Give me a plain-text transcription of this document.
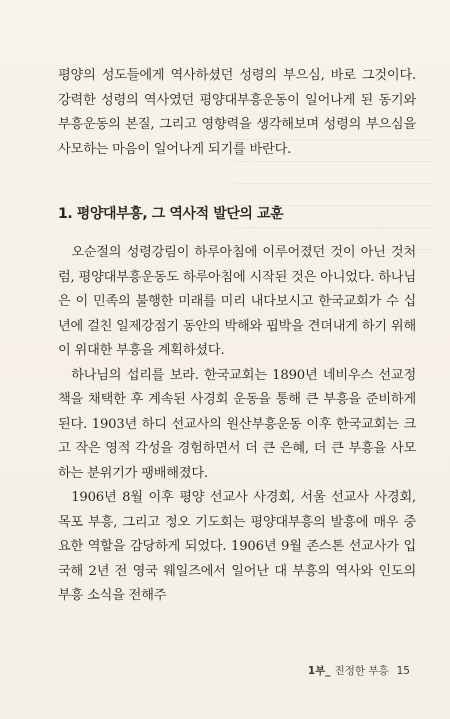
평양의 성도들에게 역사하셨던 성령의 부으심, 바로 그것이다. 강력한 성령의 역사였던 평양대부흥운동이 일어나게 된 동기와 부흥운동의 본질, 그리고 영향력을 생각해보며 성령의 부으심을 사모하는 마음이 일어나게 되기를 바란다.

1. 평양대부흥, 그 역사적 발단의 교훈

오순절의 성령강림이 하루아침에 이루어졌던 것이 아닌 것처럼, 평양대부흥운동도 하루아침에 시작된 것은 아니었다. 하나님은 이 민족의 불행한 미래를 미리 내다보시고 한국교회가 수 십 년에 걸친 일제강점기 동안의 박해와 핍박을 견뎌내게 하기 위해 이 위대한 부흥을 계획하셨다.

하나님의 섭리를 보라. 한국교회는 1890년 네비우스 선교정책을 채택한 후 계속된 사경회 운동을 통해 큰 부흥을 준비하게 된다. 1903년 하디 선교사의 원산부흥운동 이후 한국교회는 크고 작은 영적 각성을 경험하면서 더 큰 은혜, 더 큰 부흥을 사모하는 분위기가 팽배해졌다.

1906년 8월 이후 평양 선교사 사경회, 서울 선교사 사경회, 목포 부흥, 그리고 정오 기도회는 평양대부흥의 발흥에 매우 중요한 역할을 감당하게 되었다. 1906년 9월 존스톤 선교사가 입국해 2년 전 영국 웨일즈에서 일어난 대 부흥의 역사와 인도의 부흥 소식을 전해주

1부_ 진정한 부흥 15
